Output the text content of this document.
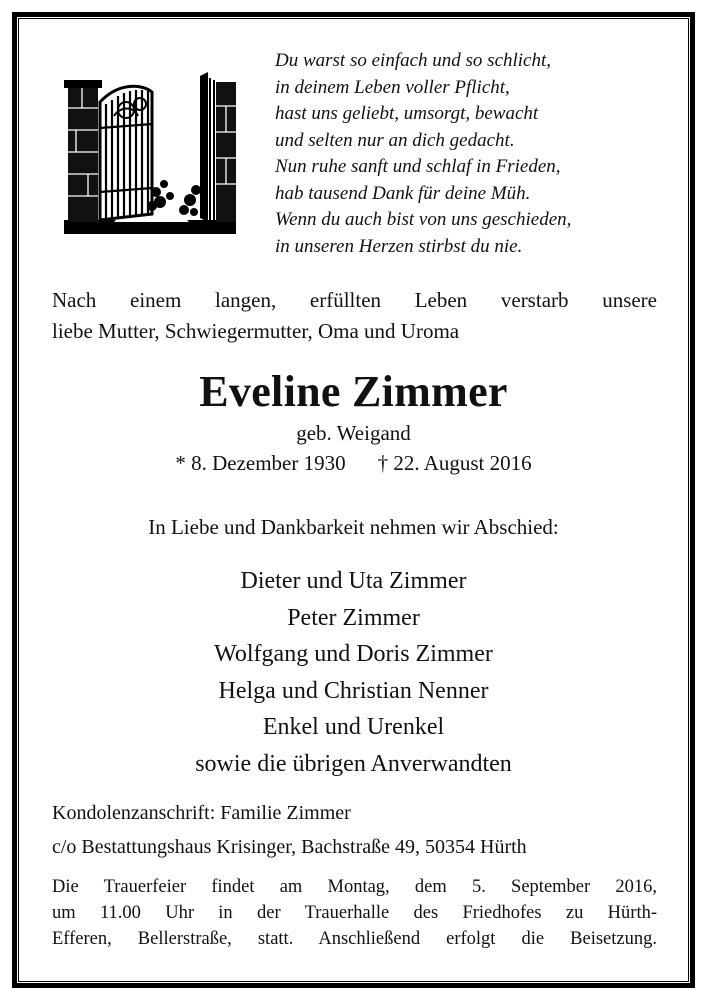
Du warst so einfach und so schlicht,
in deinem Leben voller Pflicht,
hast uns geliebt, umsorgt, bewacht
und selten nur an dich gedacht.
Nun ruhe sanft und schlaf in Frieden,
hab tausend Dank für deine Müh.
Wenn du auch bist von uns geschieden,
in unseren Herzen stirbst du nie.
Nach einem langen, erfüllten Leben verstarb unsere
liebe Mutter, Schwiegermutter, Oma und Uroma
Eveline Zimmer
geb. Weigand
* 8. Dezember 1930 † 22. August 2016
In Liebe und Dankbarkeit nehmen wir Abschied:
Dieter und Uta Zimmer
Peter Zimmer
Wolfgang und Doris Zimmer
Helga und Christian Nenner
Enkel und Urenkel
sowie die übrigen Anverwandten
Kondolenzanschrift: Familie Zimmer
c/o Bestattungshaus Krisinger, Bachstraße 49, 50354 Hürth
Die Trauerfeier findet am Montag, dem 5. September 2016,
um 11.00 Uhr in der Trauerhalle des Friedhofes zu Hürth-
Efferen, Bellerstraße, statt. Anschließend erfolgt die Beisetzung.
